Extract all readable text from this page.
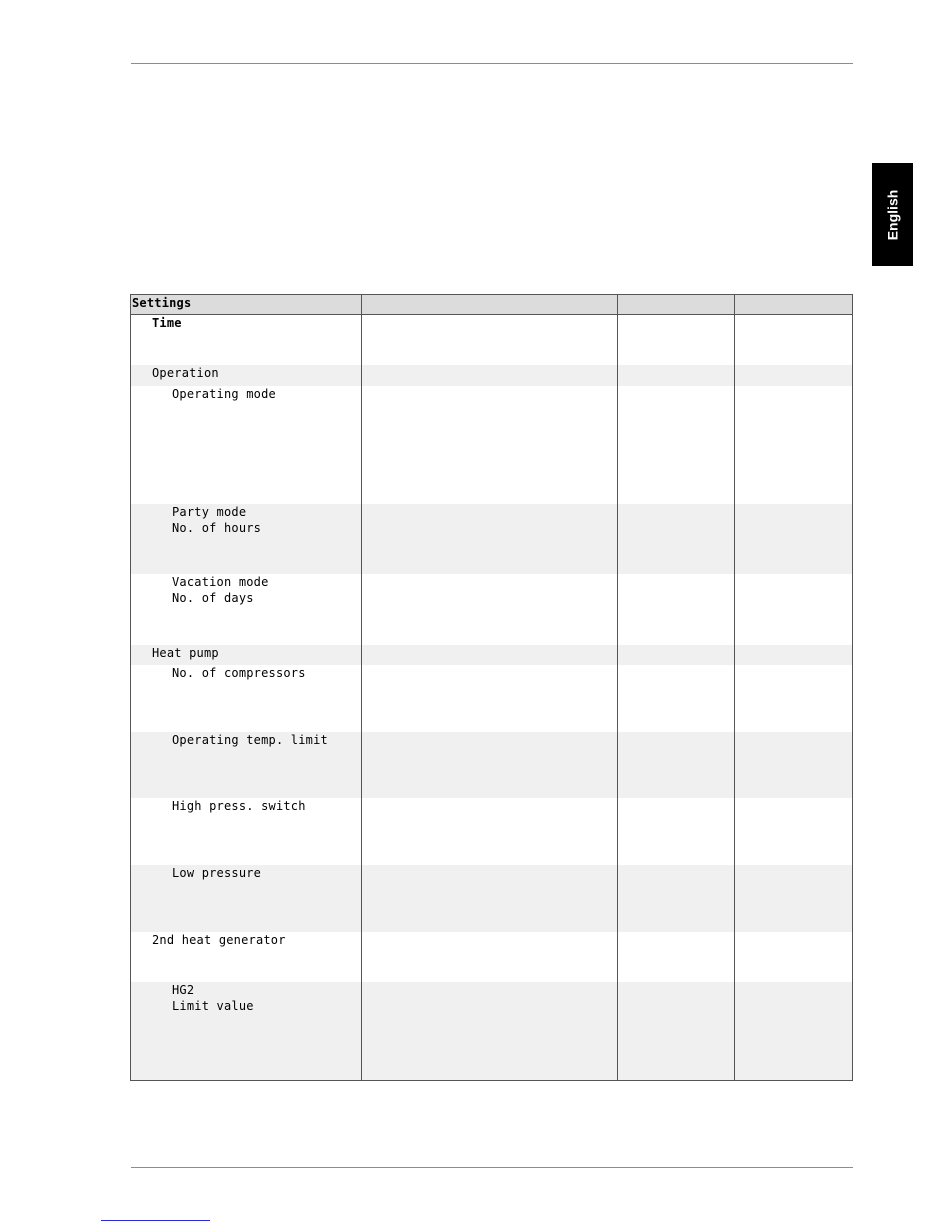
English
Settings
Time
Operation
Operating mode
Party mode
No. of hours
Vacation mode
No. of days
Heat pump
No. of compressors
Operating temp. limit
High press. switch
Low pressure
2nd heat generator
HG2
Limit value
